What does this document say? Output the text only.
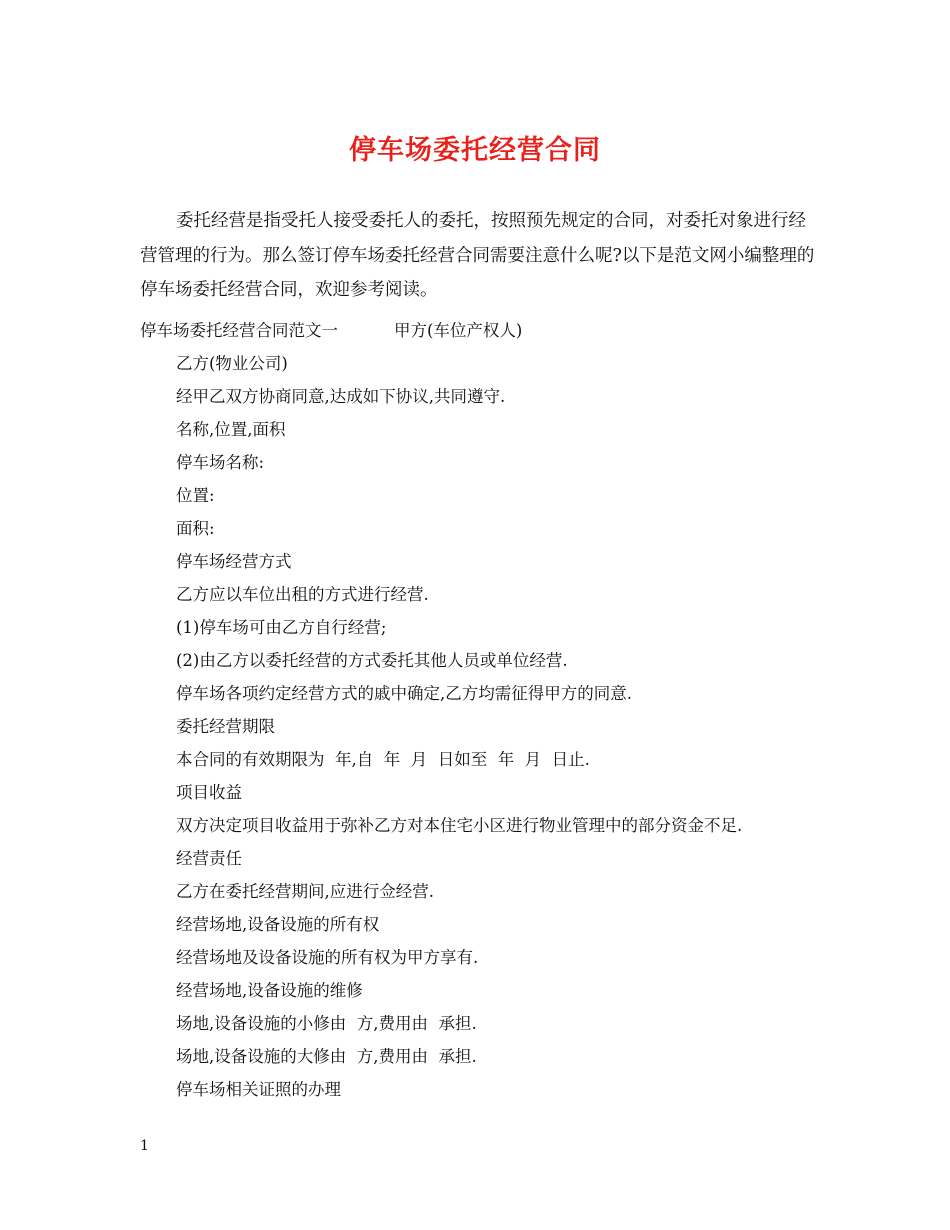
停车场委托经营合同
委托经营是指受托人接受委托人的委托，按照预先规定的合同，对委托对象进行经营管理的行为。那么签订停车场委托经营合同需要注意什么呢?以下是范文网小编整理的停车场委托经营合同，欢迎参考阅读。
停车场委托经营合同范文一	甲方(车位产权人)
乙方(物业公司)
经甲乙双方协商同意,达成如下协议,共同遵守.
名称,位置,面积
停车场名称:
位置:
面积:
停车场经营方式
乙方应以车位出租的方式进行经营.
(1)停车场可由乙方自行经营;
(2)由乙方以委托经营的方式委托其他人员或单位经营.
停车场各项约定经营方式的戚中确定,乙方均需征得甲方的同意.
委托经营期限
本合同的有效期限为  年,自  年  月  日如至  年  月  日止.
项目收益
双方决定项目收益用于弥补乙方对本住宅小区进行物业管理中的部分资金不足.
经营责任
乙方在委托经营期间,应进行佥经营.
经营场地,设备设施的所有权
经营场地及设备设施的所有权为甲方享有.
经营场地,设备设施的维修
场地,设备设施的小修由  方,费用由  承担.
场地,设备设施的大修由  方,费用由  承担.
停车场相关证照的办理
1
